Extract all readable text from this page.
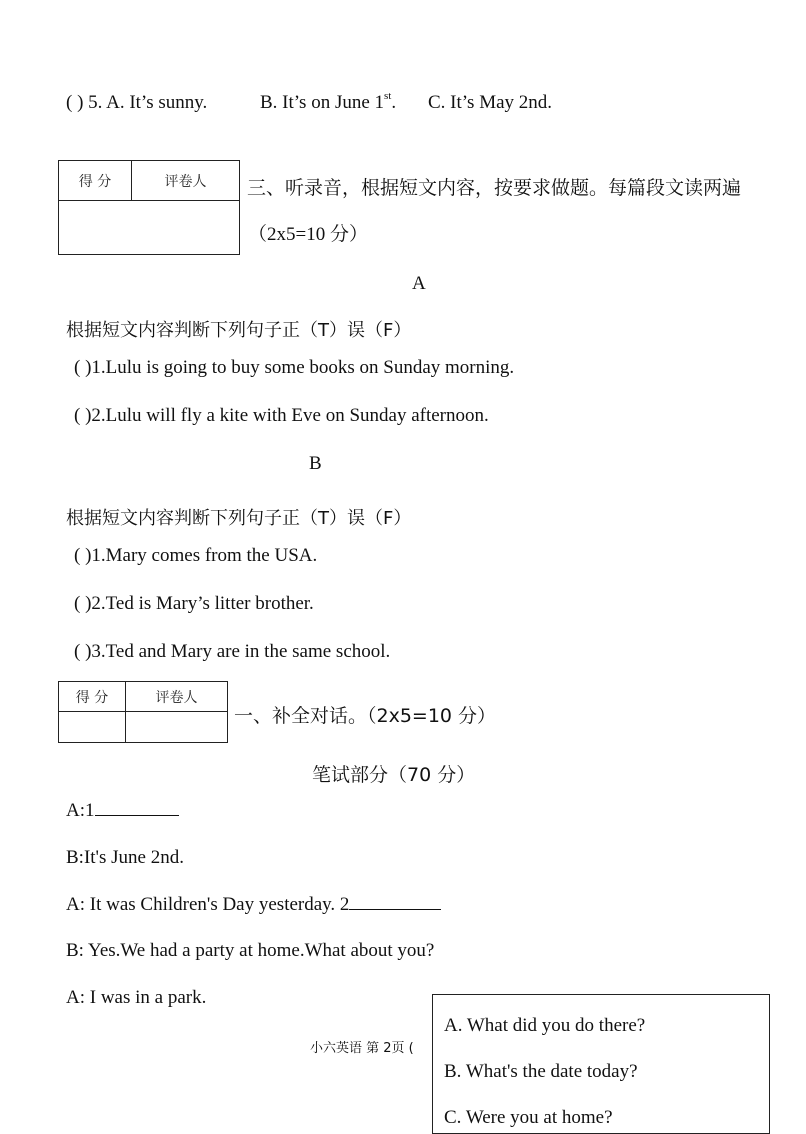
( ) 5. A. It’s sunny.	B. It’s on June 1st. C. It’s May 2nd.
得 分	评卷人 三、听录音，根据短文内容，按要求做题。每篇段文读两遍
（2x5=10 分）
A
根据短文内容判断下列句子正（T）误（F）
( )1.Lulu is going to buy some books on Sunday morning.
( )2.Lulu will fly a kite with Eve on Sunday afternoon.
B
根据短文内容判断下列句子正（T）误（F）
( )1.Mary comes from the USA.
( )2.Ted is Mary’s litter brother.
( )3.Ted and Mary are in the same school.
得 分	评卷人

一、补全对话。（2x5=10 分）
笔试部分（70 分）
A:1
B:It's June 2nd.
A: It was Children's Day yesterday. 2
B: Yes.We had a party at home.What about you?
A: I was in a park.
小六英语 第 2页 (
A. What did you do there?
B. What's the date today?
C. Were you at home?
